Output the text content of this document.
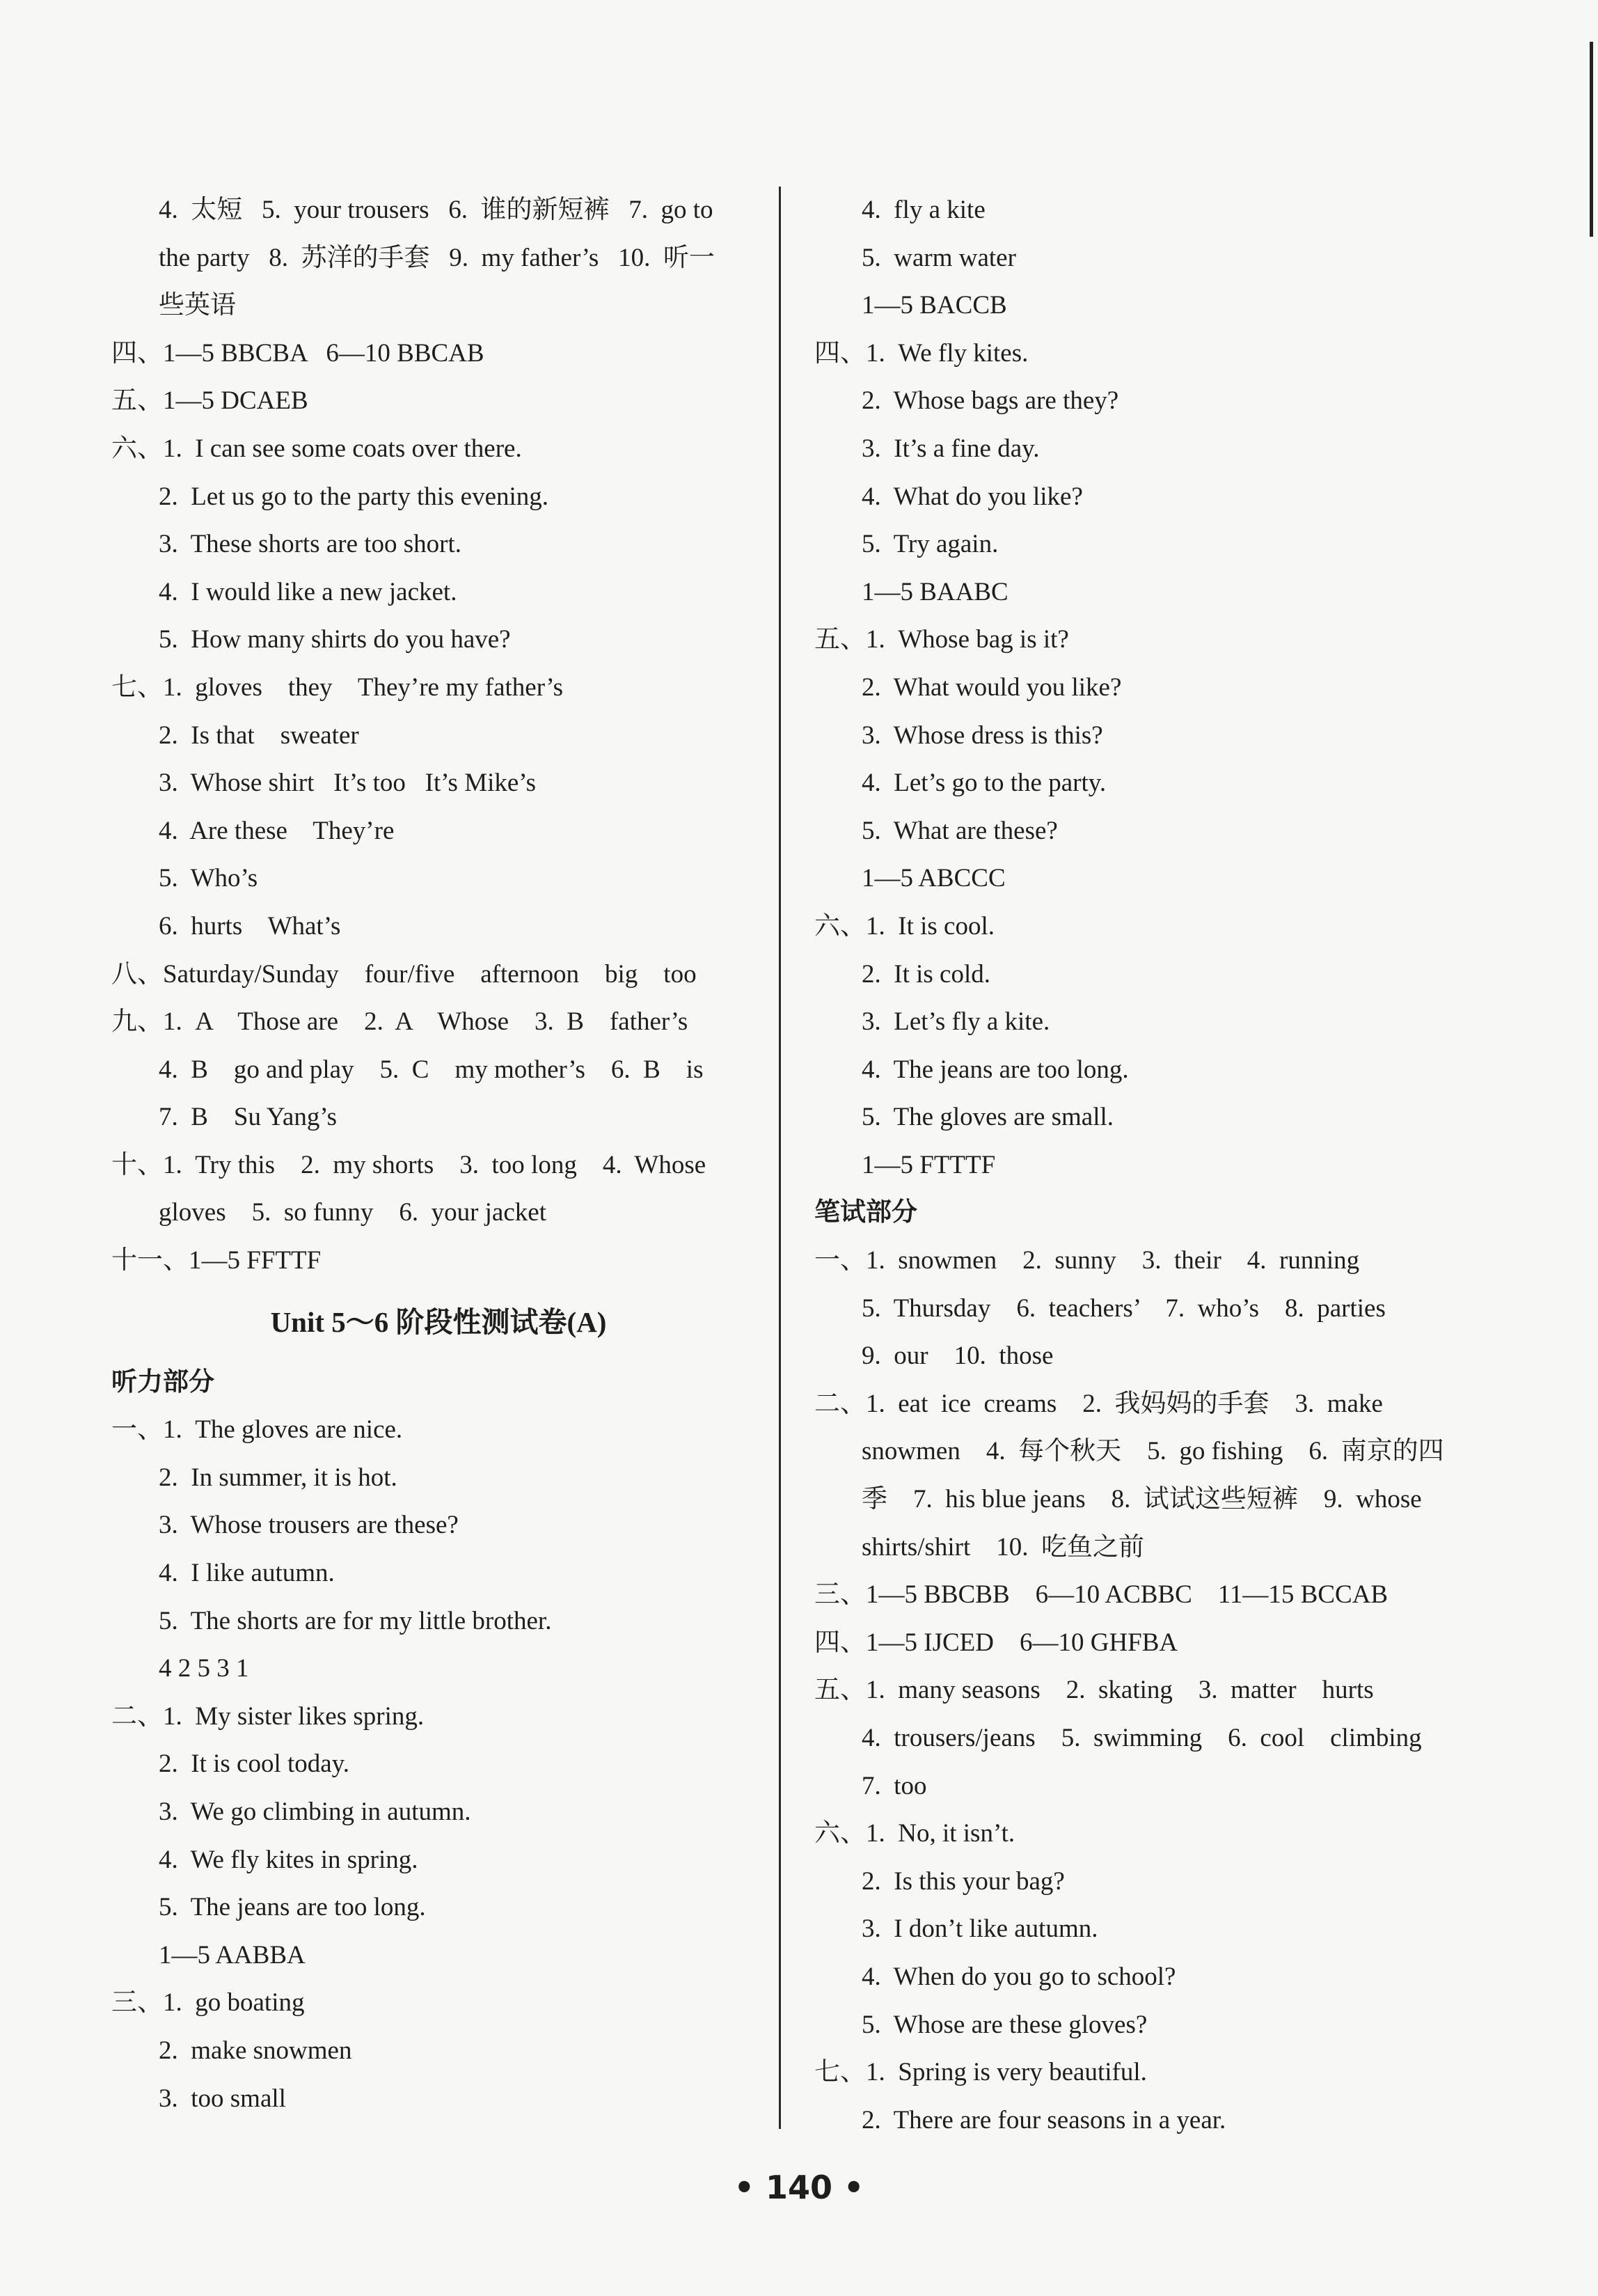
4.  太短   5.  your trousers   6.  谁的新短裤   7.  go to
the party   8.  苏洋的手套   9.  my father’s   10.  听一
些英语
四、1—5 BBCBA   6—10 BBCAB
五、1—5 DCAEB
六、1.  I can see some coats over there.
2.  Let us go to the party this evening.
3.  These shorts are too short.
4.  I would like a new jacket.
5.  How many shirts do you have?
七、1.  gloves    they    They’re my father’s
2.  Is that    sweater
3.  Whose shirt   It’s too   It’s Mike’s
4.  Are these    They’re
5.  Who’s
6.  hurts    What’s
八、Saturday/Sunday    four/five    afternoon    big    too
九、1.  A    Those are    2.  A    Whose    3.  B    father’s
4.  B    go and play    5.  C    my mother’s    6.  B    is
7.  B    Su Yang’s
十、1.  Try this    2.  my shorts    3.  too long    4.  Whose
gloves    5.  so funny    6.  your jacket
十一、1—5 FFTTF
Unit 5～6 阶段性测试卷(A)
听力部分
一、1.  The gloves are nice.
2.  In summer, it is hot.
3.  Whose trousers are these?
4.  I like autumn.
5.  The shorts are for my little brother.
4 2 5 3 1
二、1.  My sister likes spring.
2.  It is cool today.
3.  We go climbing in autumn.
4.  We fly kites in spring.
5.  The jeans are too long.
1—5 AABBA
三、1.  go boating
2.  make snowmen
3.  too small
4.  fly a kite
5.  warm water
1—5 BACCB
四、1.  We fly kites.
2.  Whose bags are they?
3.  It’s a fine day.
4.  What do you like?
5.  Try again.
1—5 BAABC
五、1.  Whose bag is it?
2.  What would you like?
3.  Whose dress is this?
4.  Let’s go to the party.
5.  What are these?
1—5 ABCCC
六、1.  It is cool.
2.  It is cold.
3.  Let’s fly a kite.
4.  The jeans are too long.
5.  The gloves are small.
1—5 FTTTF
笔试部分
一、1.  snowmen    2.  sunny    3.  their    4.  running
5.  Thursday    6.  teachers’    7.  who’s    8.  parties
9.  our    10.  those
二、1.  eat  ice  creams    2.  我妈妈的手套    3.  make
snowmen    4.  每个秋天    5.  go fishing    6.  南京的四
季    7.  his blue jeans    8.  试试这些短裤    9.  whose
shirts/shirt    10.  吃鱼之前
三、1—5 BBCBB    6—10 ACBBC    11—15 BCCAB
四、1—5 IJCED    6—10 GHFBA
五、1.  many seasons    2.  skating    3.  matter    hurts
4.  trousers/jeans    5.  swimming    6.  cool    climbing
7.  too
六、1.  No, it isn’t.
2.  Is this your bag?
3.  I don’t like autumn.
4.  When do you go to school?
5.  Whose are these gloves?
七、1.  Spring is very beautiful.
2.  There are four seasons in a year.
• 140 •
